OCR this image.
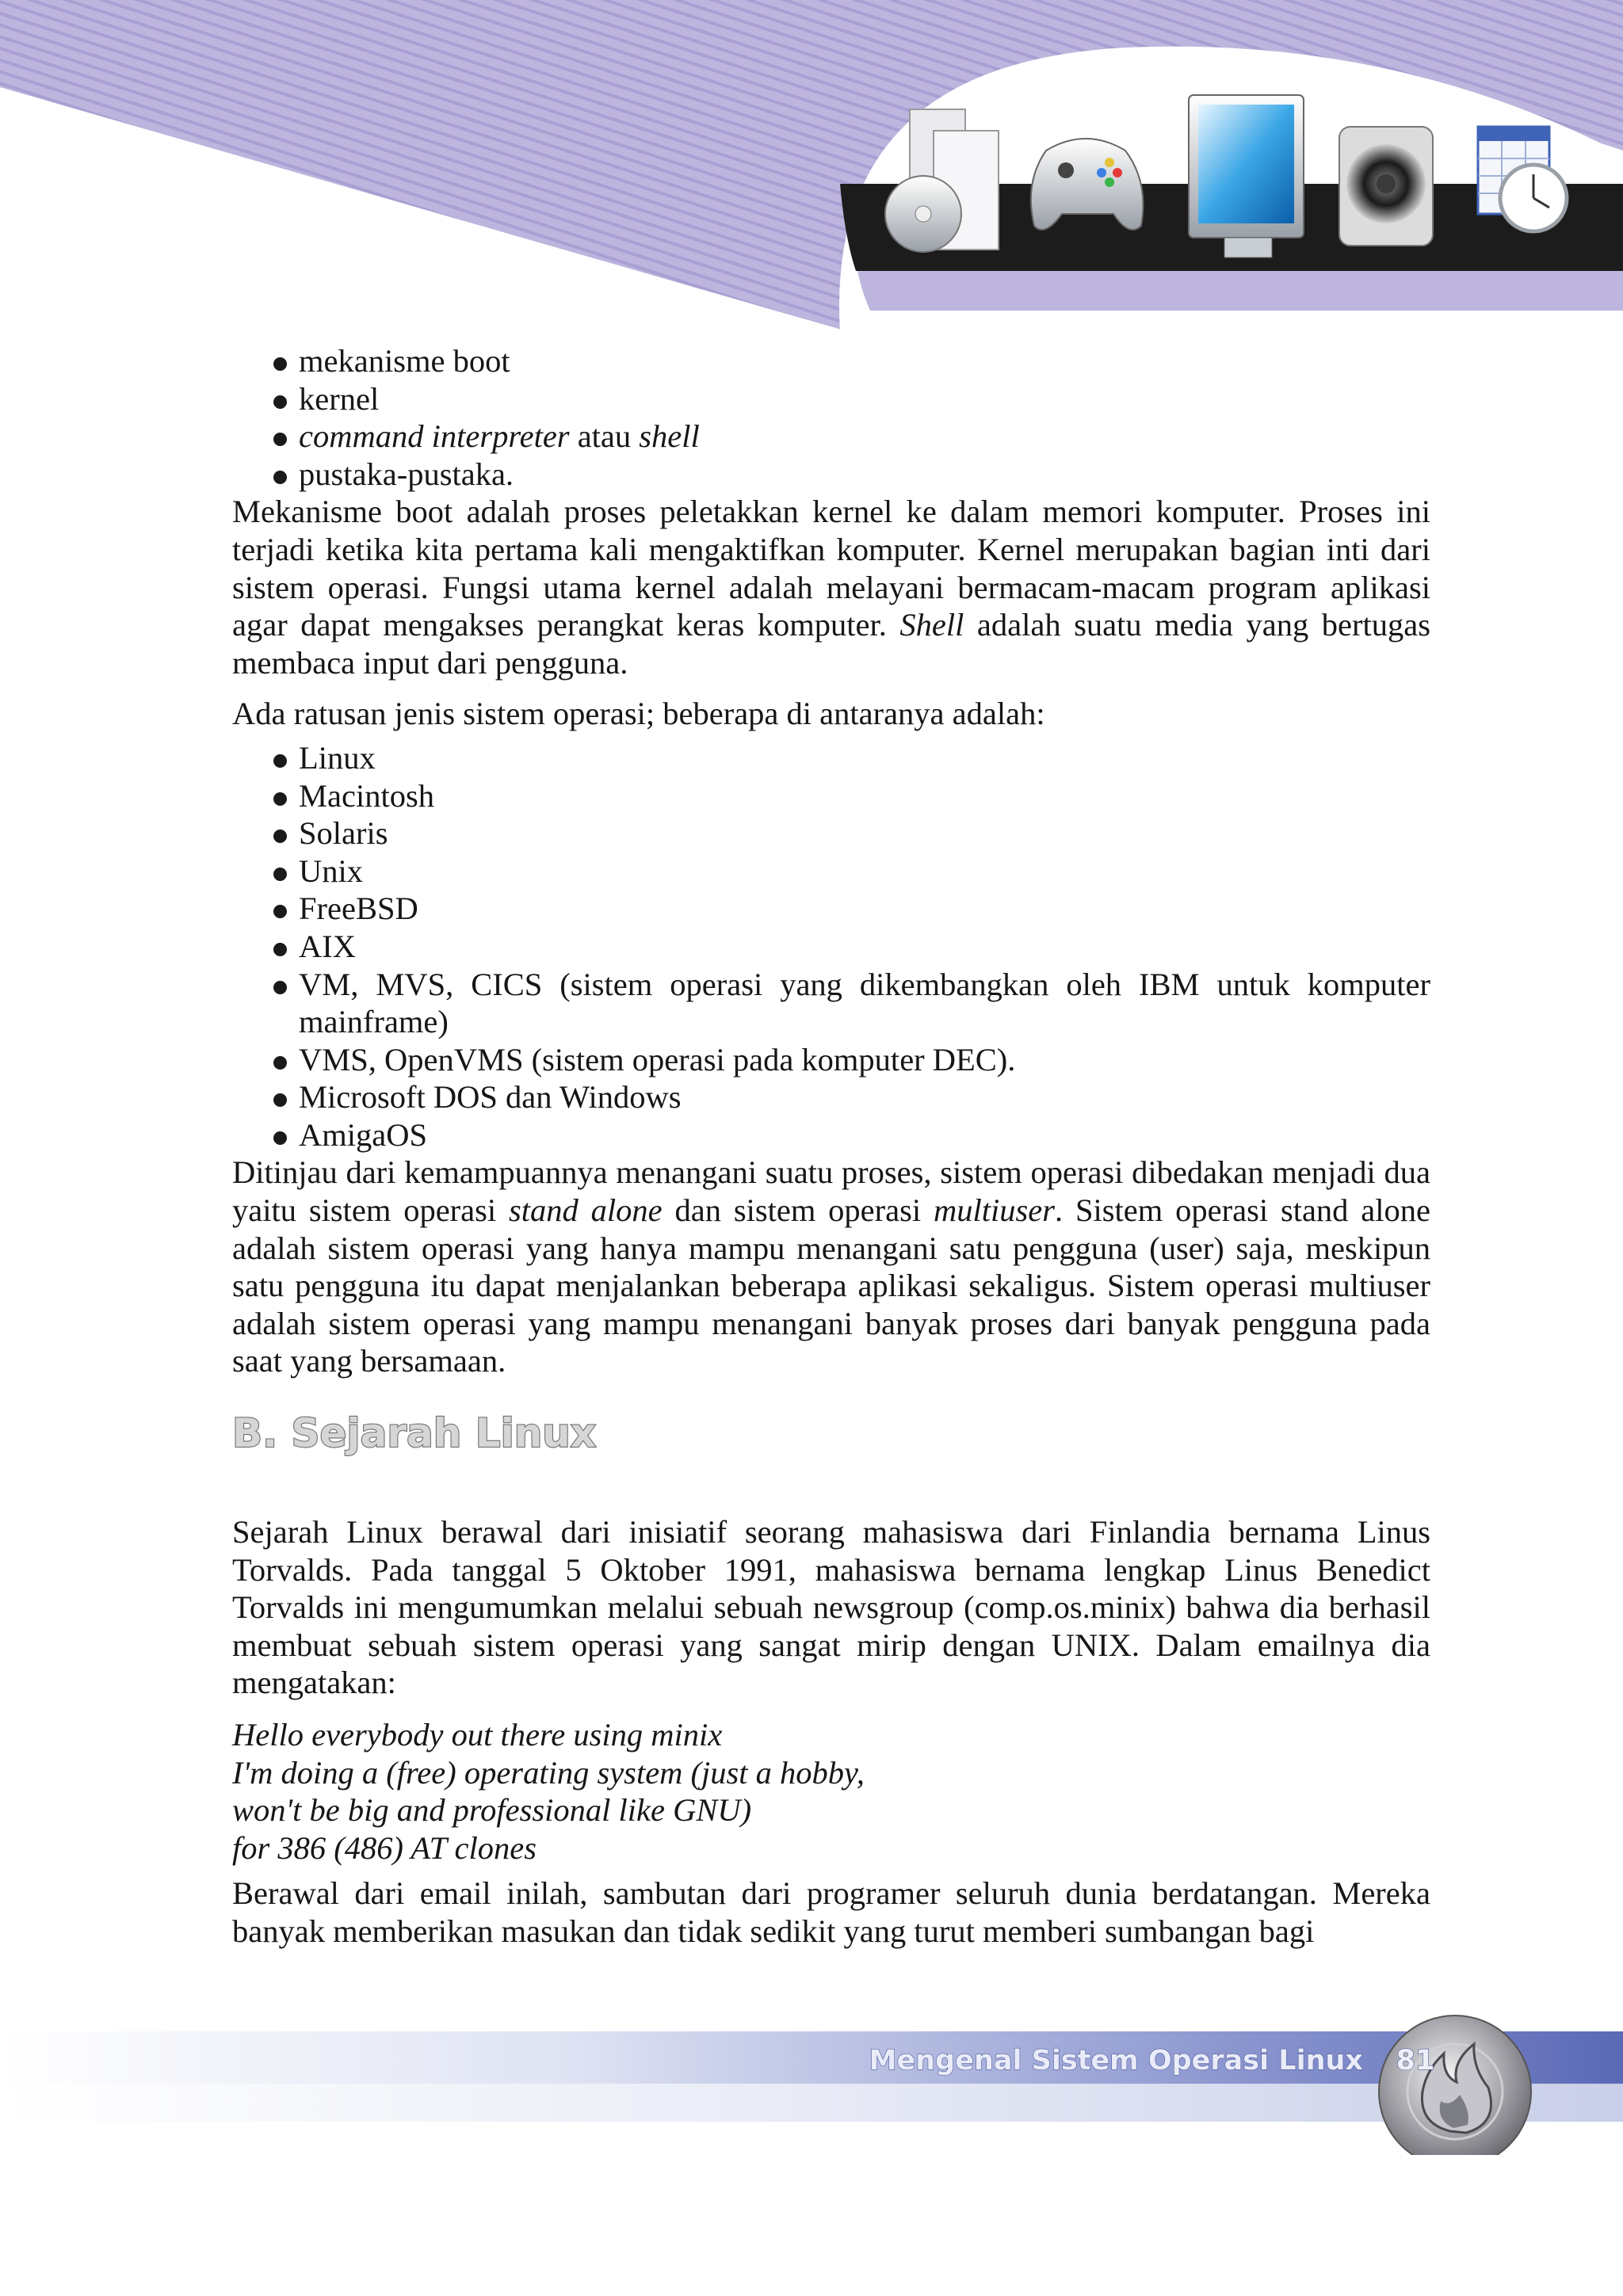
mekanisme boot
kernel
command interpreter atau shell
pustaka-pustaka.

Mekanisme boot adalah proses peletakkan kernel ke dalam memori komputer. Proses ini terjadi ketika kita pertama kali mengaktifkan komputer. Kernel merupakan bagian inti dari sistem operasi. Fungsi utama kernel adalah melayani bermacam-macam program aplikasi agar dapat mengakses perangkat keras komputer. Shell adalah suatu media yang bertugas membaca input dari pengguna.

Ada ratusan jenis sistem operasi; beberapa di antaranya adalah:

Linux
Macintosh
Solaris
Unix
FreeBSD
AIX
VM, MVS, CICS (sistem operasi yang dikembangkan oleh IBM untuk komputer mainframe)
VMS, OpenVMS (sistem operasi pada komputer DEC).
Microsoft DOS dan Windows
AmigaOS

Ditinjau dari kemampuannya menangani suatu proses, sistem operasi dibedakan menjadi dua yaitu sistem operasi stand alone dan sistem operasi multiuser. Sistem operasi stand alone adalah sistem operasi yang hanya mampu menangani satu pengguna (user) saja, meskipun satu pengguna itu dapat menjalankan beberapa aplikasi sekaligus. Sistem operasi multiuser adalah sistem operasi yang mampu menangani banyak proses dari banyak pengguna pada saat yang bersamaan.

B. Sejarah Linux

Sejarah Linux berawal dari inisiatif seorang mahasiswa dari Finlandia bernama Linus Torvalds. Pada tanggal 5 Oktober 1991, mahasiswa bernama lengkap Linus Benedict Torvalds ini mengumumkan melalui sebuah newsgroup (comp.os.minix) bahwa dia berhasil membuat sebuah sistem operasi yang sangat mirip dengan UNIX. Dalam emailnya dia mengatakan:

Hello everybody out there using minix
I'm doing a (free) operating system (just a hobby,
won't be big and professional like GNU)
for 386 (486) AT clones

Berawal dari email inilah, sambutan dari programer seluruh dunia berdatangan. Mereka banyak memberikan masukan dan tidak sedikit yang turut memberi sumbangan bagi

Mengenal Sistem Operasi Linux 81
